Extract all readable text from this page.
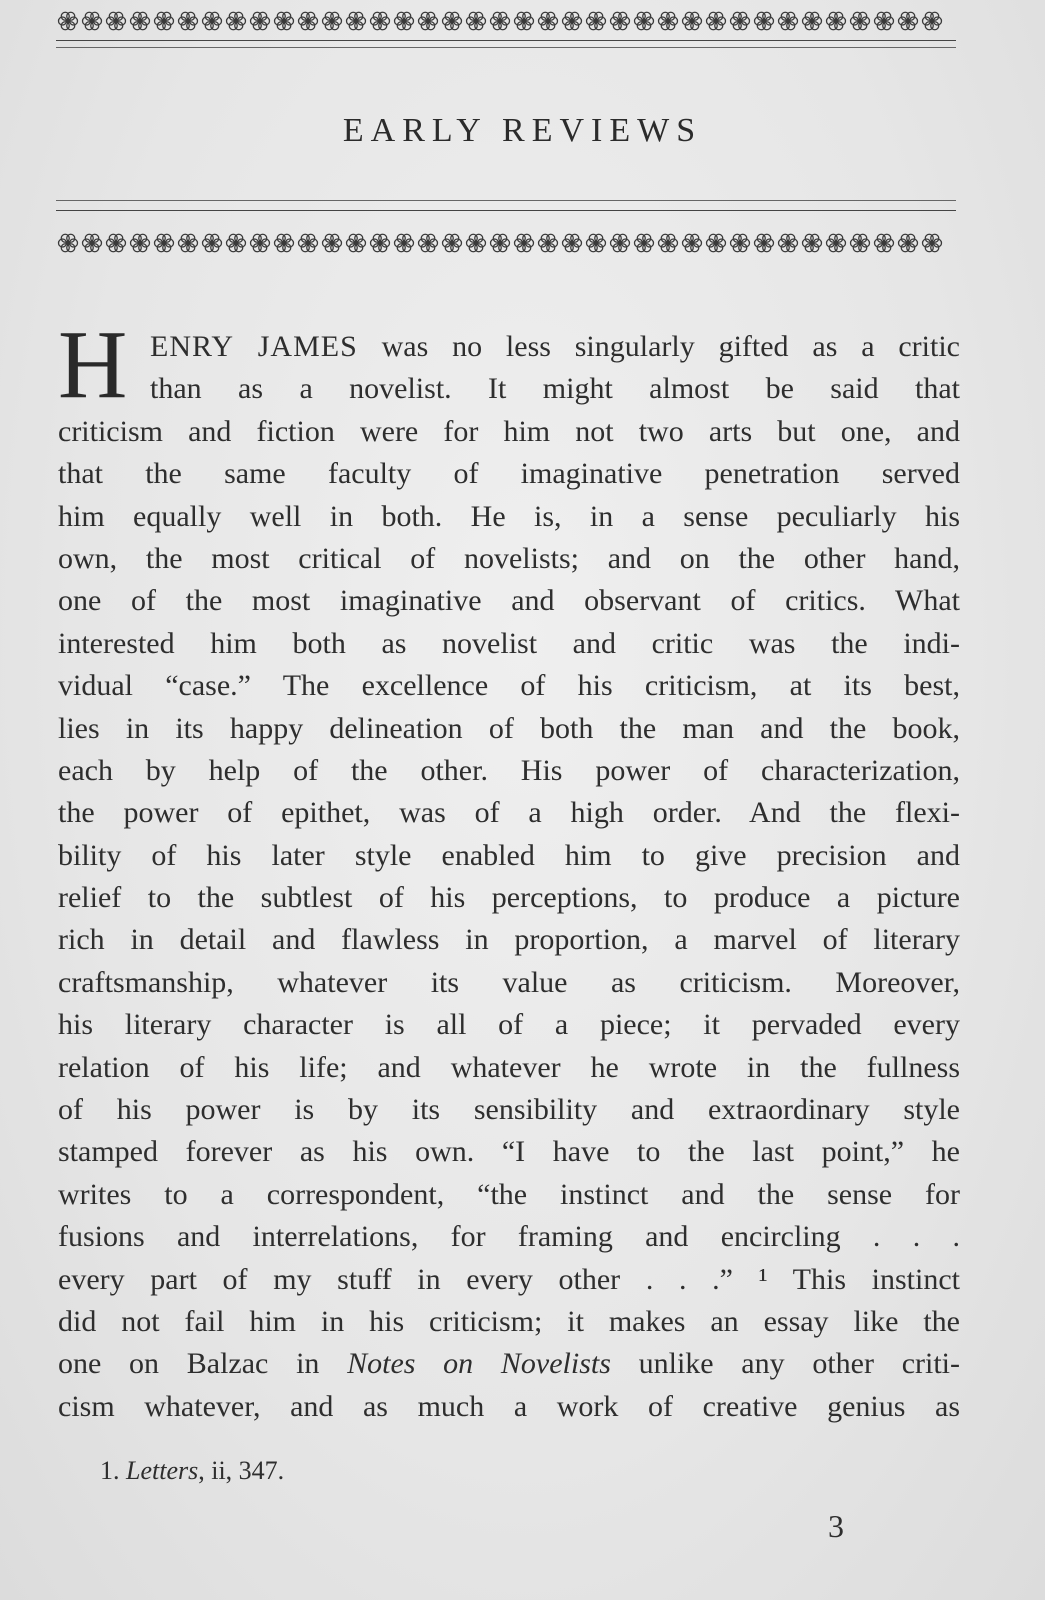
EARLY REVIEWS
H ENRY JAMES was no less singularly gifted as a critic
than as a novelist. It might almost be said that
criticism and fiction were for him not two arts but one, and
that the same faculty of imaginative penetration served
him equally well in both. He is, in a sense peculiarly his
own, the most critical of novelists; and on the other hand,
one of the most imaginative and observant of critics. What
interested him both as novelist and critic was the indi-
vidual “case.” The excellence of his criticism, at its best,
lies in its happy delineation of both the man and the book,
each by help of the other. His power of characterization,
the power of epithet, was of a high order. And the flexi-
bility of his later style enabled him to give precision and
relief to the subtlest of his perceptions, to produce a picture
rich in detail and flawless in proportion, a marvel of literary
craftsmanship, whatever its value as criticism. Moreover,
his literary character is all of a piece; it pervaded every
relation of his life; and whatever he wrote in the fullness
of his power is by its sensibility and extraordinary style
stamped forever as his own. “I have to the last point,” he
writes to a correspondent, “the instinct and the sense for
fusions and interrelations, for framing and encircling . . .
every part of my stuff in every other . . .” ¹ This instinct
did not fail him in his criticism; it makes an essay like the
one on Balzac in Notes on Novelists unlike any other criti-
cism whatever, and as much a work of creative genius as
1. Letters, ii, 347.
3
